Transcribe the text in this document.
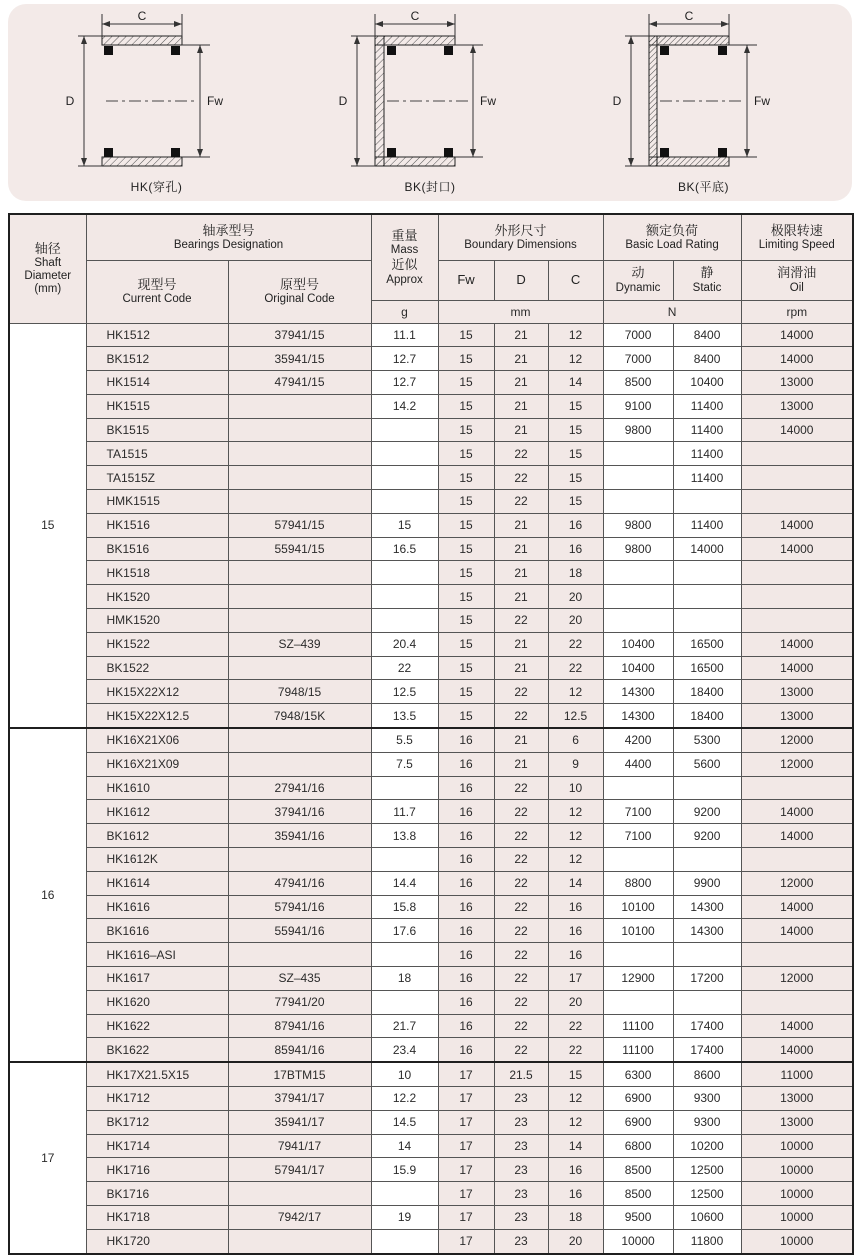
C
D	Fw
HK(穿孔)
C
D	Fw
BK(封口)
C
D	Fw
BK(平底)
轴径
Shaft
Diameter
(mm)

轴承型号
Bearings Designation

重量
Mass
近似
Approx

外形尺寸
Boundary Dimensions

额定负荷
Basic Load Rating

极限转速
Limiting Speed

现型号
Current Code

原型号
Original Code

Fw	D	C	动
Dynamic

静
Static

润滑油
Oil

			g	mm			N		rpm
15	HK1512	37941/15	11.1	15	21	12	7000	8400	14000
	BK1512	35941/15	12.7	15	21	12	7000	8400	14000
	HK1514	47941/15	12.7	15	21	14	8500	10400	13000
	HK1515		14.2	15	21	15	9100	11400	13000
	BK1515			15	21	15	9800	11400	14000
	TA1515			15	22	15		11400	
	TA1515Z			15	22	15		11400	
	HMK1515			15	22	15			
	HK1516	57941/15	15	15	21	16	9800	11400	14000
	BK1516	55941/15	16.5	15	21	16	9800	14000	14000
	HK1518			15	21	18			
	HK1520			15	21	20			
	HMK1520			15	22	20			
	HK1522	SZ–439	20.4	15	21	22	10400	16500	14000
	BK1522		22	15	21	22	10400	16500	14000
	HK15X22X12	7948/15	12.5	15	22	12	14300	18400	13000
	HK15X22X12.5	7948/15K	13.5	15	22	12.5	14300	18400	13000
16	HK16X21X06		5.5	16	21	6	4200	5300	12000
	HK16X21X09		7.5	16	21	9	4400	5600	12000
	HK1610	27941/16		16	22	10			
	HK1612	37941/16	11.7	16	22	12	7100	9200	14000
	BK1612	35941/16	13.8	16	22	12	7100	9200	14000
	HK1612K			16	22	12			
	HK1614	47941/16	14.4	16	22	14	8800	9900	12000
	HK1616	57941/16	15.8	16	22	16	10100	14300	14000
	BK1616	55941/16	17.6	16	22	16	10100	14300	14000
	HK1616–ASI			16	22	16			
	HK1617	SZ–435	18	16	22	17	12900	17200	12000
	HK1620	77941/20		16	22	20			
	HK1622	87941/16	21.7	16	22	22	11100	17400	14000
	BK1622	85941/16	23.4	16	22	22	11100	17400	14000
17	HK17X21.5X15	17BTM15	10	17	21.5	15	6300	8600	11000
	HK1712	37941/17	12.2	17	23	12	6900	9300	13000
	BK1712	35941/17	14.5	17	23	12	6900	9300	13000
	HK1714	7941/17	14	17	23	14	6800	10200	10000
	HK1716	57941/17	15.9	17	23	16	8500	12500	10000
	BK1716			17	23	16	8500	12500	10000
	HK1718	7942/17	19	17	23	18	9500	10600	10000
	HK1720			17	23	20	10000	11800	10000
